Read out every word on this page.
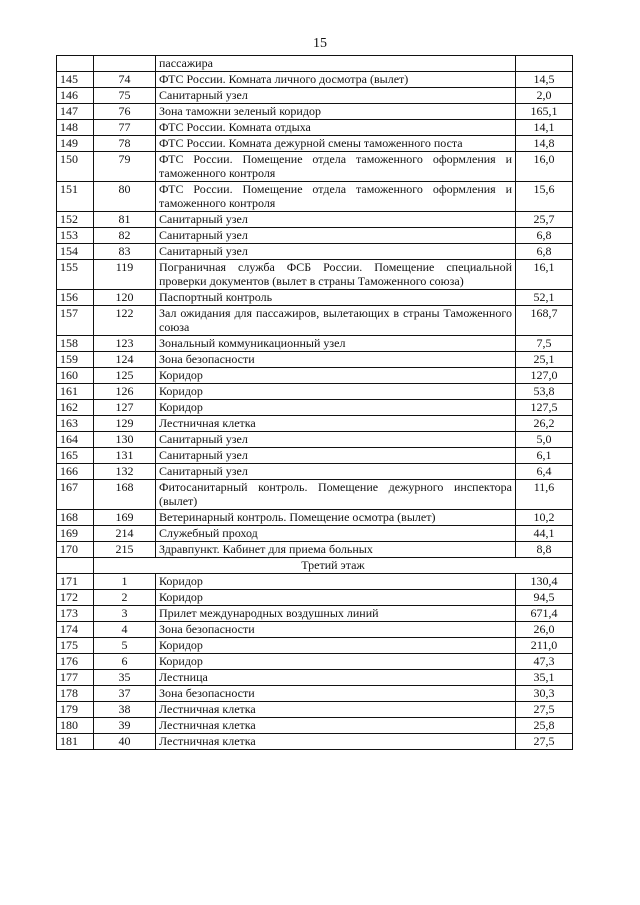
15
		пассажира	
145	74	ФТС России. Комната личного досмотра (вылет)	14,5
146	75	Санитарный узел	2,0
147	76	Зона таможни зеленый коридор	165,1
148	77	ФТС России. Комната отдыха	14,1
149	78	ФТС России. Комната дежурной смены таможенного поста	14,8
150	79	ФТС России. Помещение отдела таможенного оформления и таможенного контроля	16,0
151	80	ФТС России. Помещение отдела таможенного оформления и таможенного контроля	15,6
152	81	Санитарный узел	25,7
153	82	Санитарный узел	6,8
154	83	Санитарный узел	6,8
155	119	Пограничная служба ФСБ России. Помещение специальной проверки документов (вылет в страны Таможенного союза)	16,1
156	120	Паспортный контроль	52,1
157	122	Зал ожидания для пассажиров, вылетающих в страны Таможенного союза	168,7
158	123	Зональный коммуникационный узел	7,5
159	124	Зона безопасности	25,1
160	125	Коридор	127,0
161	126	Коридор	53,8
162	127	Коридор	127,5
163	129	Лестничная клетка	26,2
164	130	Санитарный узел	5,0
165	131	Санитарный узел	6,1
166	132	Санитарный узел	6,4
167	168	Фитосанитарный контроль. Помещение дежурного инспектора (вылет)	11,6
168	169	Ветеринарный контроль. Помещение осмотра (вылет)	10,2
169	214	Служебный проход	44,1
170	215	Здравпункт. Кабинет для приема больных	8,8
	Третий этаж		
171	1	Коридор	130,4
172	2	Коридор	94,5
173	3	Прилет международных воздушных линий	671,4
174	4	Зона безопасности	26,0
175	5	Коридор	211,0
176	6	Коридор	47,3
177	35	Лестница	35,1
178	37	Зона безопасности	30,3
179	38	Лестничная клетка	27,5
180	39	Лестничная клетка	25,8
181	40	Лестничная клетка	27,5
